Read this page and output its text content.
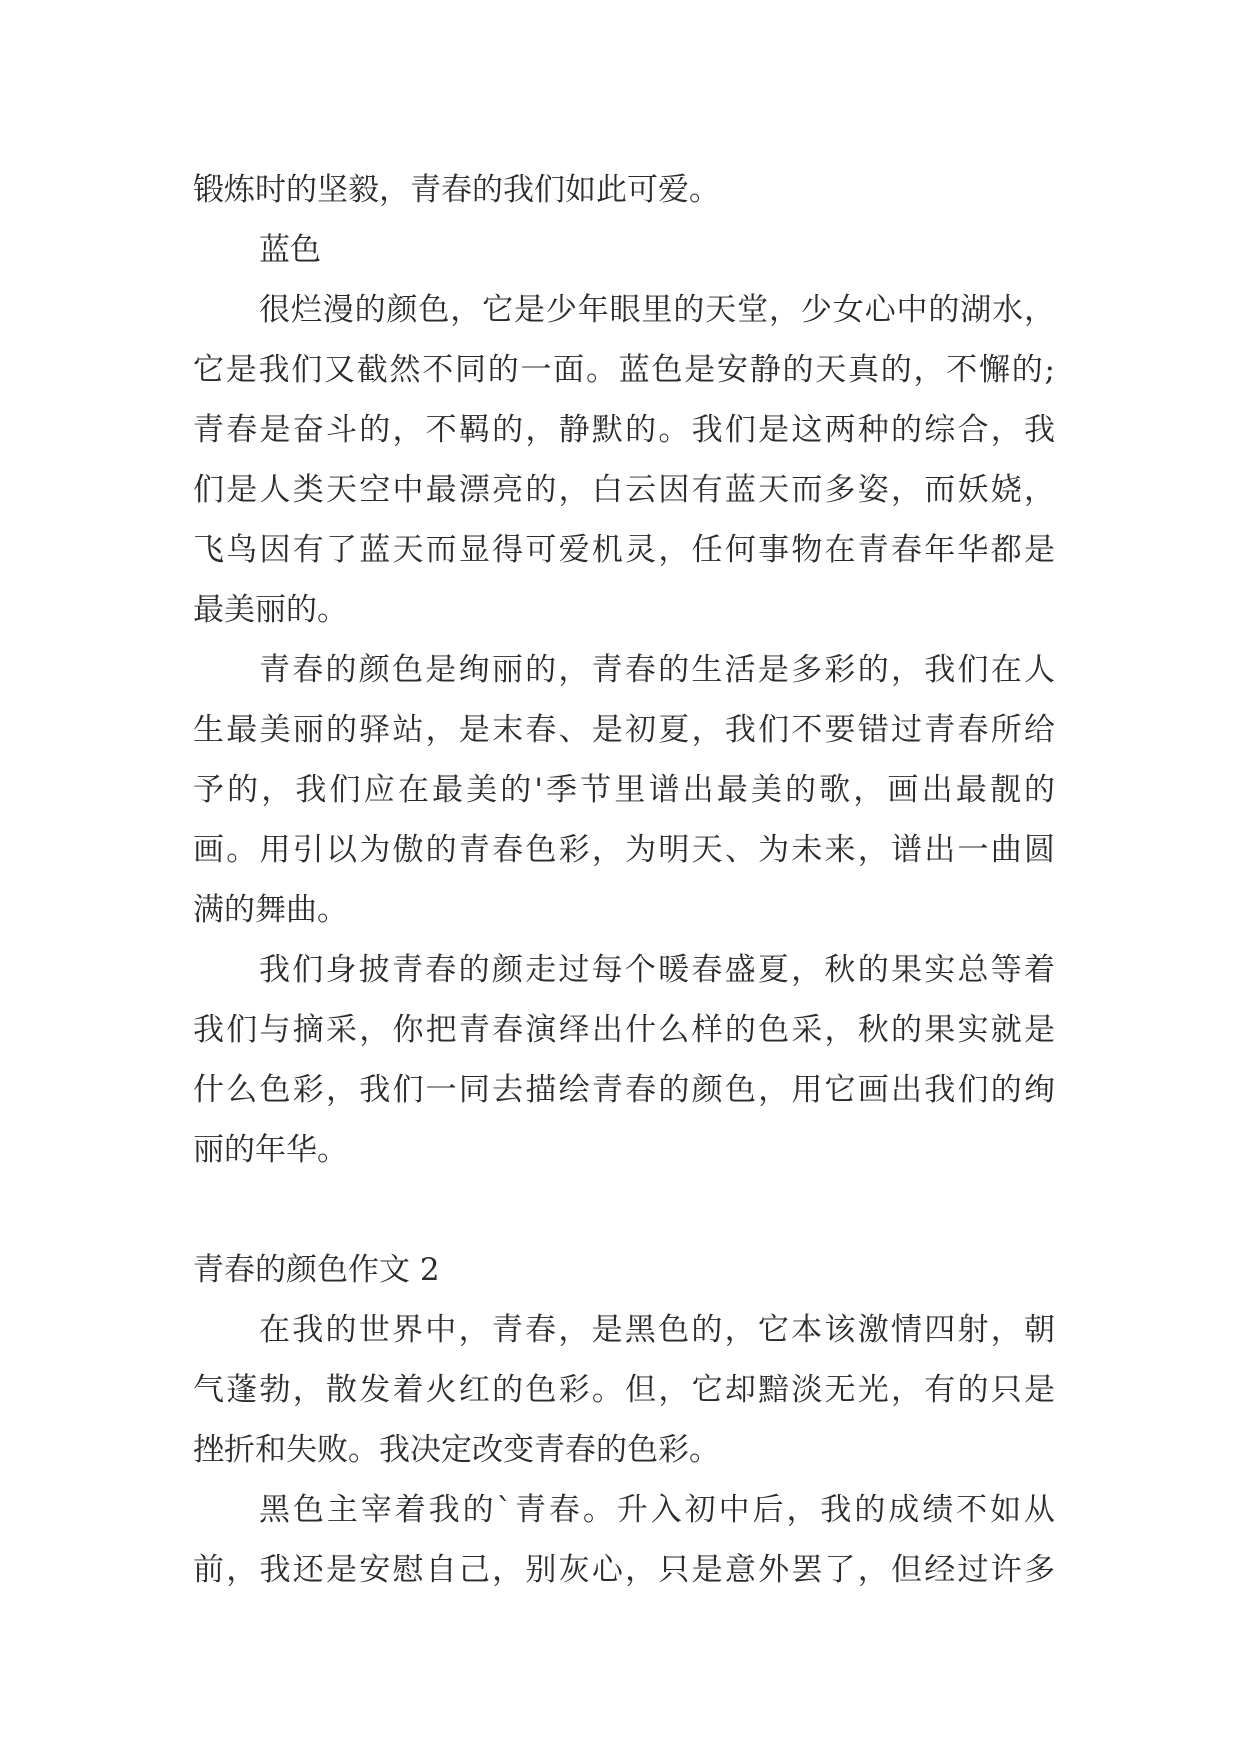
锻炼时的坚毅，青春的我们如此可爱。
蓝色
很烂漫的颜色，它是少年眼里的天堂，少女心中的湖水，
它是我们又截然不同的一面。蓝色是安静的天真的，不懈的;
青春是奋斗的，不羁的，静默的。我们是这两种的综合，我
们是人类天空中最漂亮的，白云因有蓝天而多姿，而妖娆，
飞鸟因有了蓝天而显得可爱机灵，任何事物在青春年华都是
最美丽的。
青春的颜色是绚丽的，青春的生活是多彩的，我们在人
生最美丽的驿站，是末春、是初夏，我们不要错过青春所给
予的，我们应在最美的'季节里谱出最美的歌，画出最靓的
画。用引以为傲的青春色彩，为明天、为未来，谱出一曲圆
满的舞曲。
我们身披青春的颜走过每个暖春盛夏，秋的果实总等着
我们与摘采，你把青春演绎出什么样的色采，秋的果实就是
什么色彩，我们一同去描绘青春的颜色，用它画出我们的绚
丽的年华。
青春的颜色作文 2
在我的世界中，青春，是黑色的，它本该激情四射，朝
气蓬勃，散发着火红的色彩。但，它却黯淡无光，有的只是
挫折和失败。我决定改变青春的色彩。
黑色主宰着我的`青春。升入初中后，我的成绩不如从
前，我还是安慰自己，别灰心，只是意外罢了，但经过许多
